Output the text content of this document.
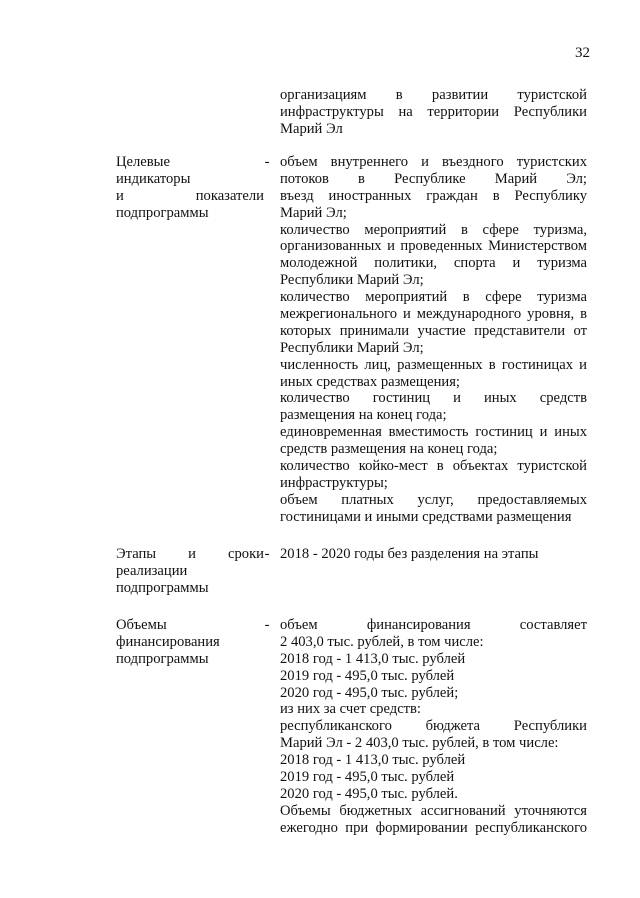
32
организациям в развитии туристской
инфраструктуры на территории Республики
Марий Эл
Целевые
индикаторы
и показатели
подпрограммы
- объем внутреннего и въездного туристских
потоков в Республике Марий Эл;
въезд иностранных граждан в Республику
Марий Эл;
количество мероприятий в сфере туризма,
организованных и проведенных Министерством
молодежной политики, спорта и туризма
Республики Марий Эл;
количество мероприятий в сфере туризма
межрегионального и международного уровня, в
которых принимали участие представители от
Республики Марий Эл;
численность лиц, размещенных в гостиницах и
иных средствах размещения;
количество гостиниц и иных средств
размещения на конец года;
единовременная вместимость гостиниц и иных
средств размещения на конец года;
количество койко-мест в объектах туристской
инфраструктуры;
объем платных услуг, предоставляемых
гостиницами и иными средствами размещения
Этапы и сроки
реализации
подпрограммы
- 2018 - 2020 годы без разделения на этапы
Объемы
финансирования
подпрограммы
- объем финансирования составляет
2 403,0 тыс. рублей, в том числе:
2018 год - 1 413,0 тыс. рублей
2019 год - 495,0 тыс. рублей
2020 год - 495,0 тыс. рублей;
из них за счет средств:
республиканского бюджета Республики
Марий Эл - 2 403,0 тыс. рублей, в том числе:
2018 год - 1 413,0 тыс. рублей
2019 год - 495,0 тыс. рублей
2020 год - 495,0 тыс. рублей.
Объемы бюджетных ассигнований уточняются
ежегодно при формировании республиканского
